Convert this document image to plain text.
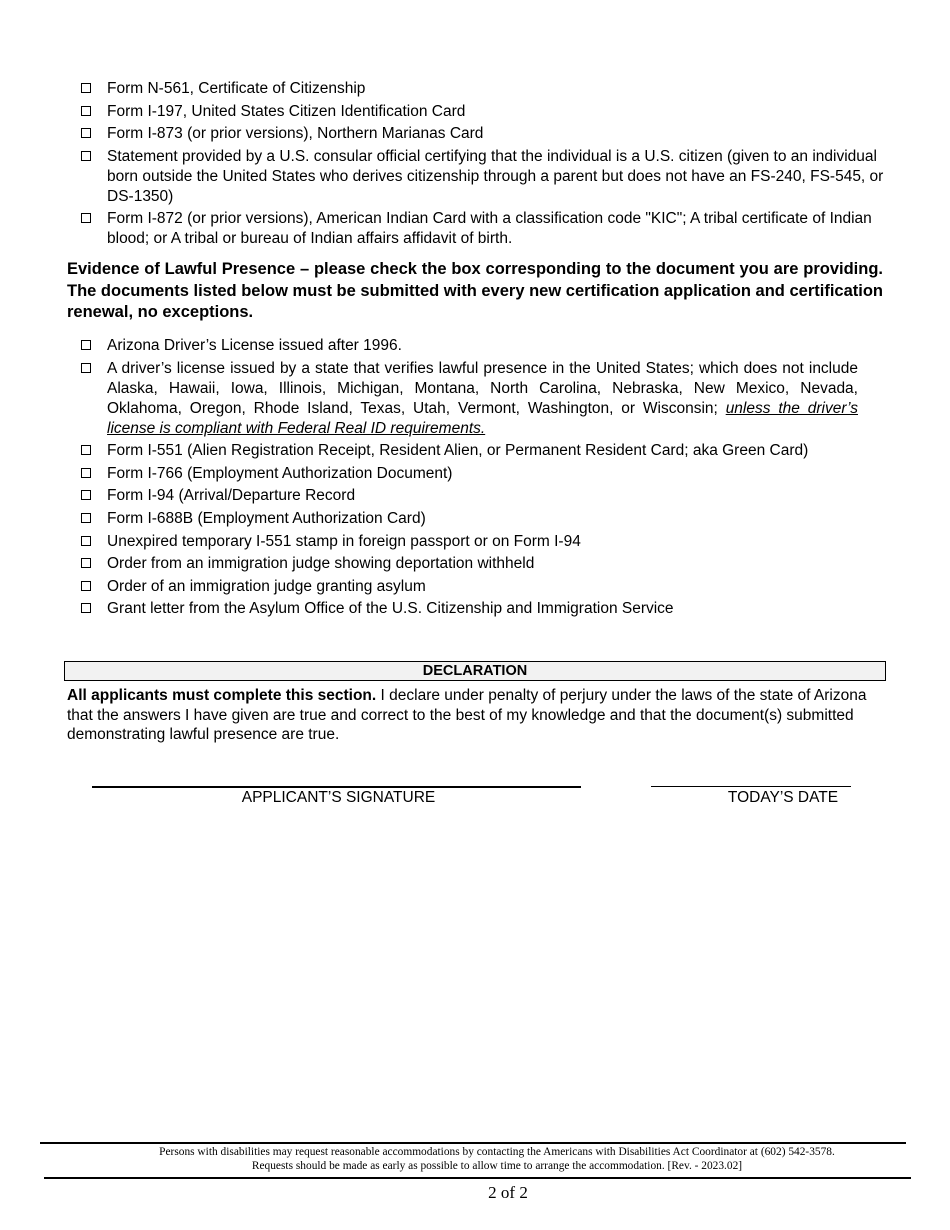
Form N-561, Certificate of Citizenship
Form I-197, United States Citizen Identification Card
Form I-873 (or prior versions), Northern Marianas Card
Statement provided by a U.S. consular official certifying that the individual is a U.S. citizen (given to an individual born outside the United States who derives citizenship through a parent but does not have an FS-240, FS-545, or DS-1350)
Form I-872 (or prior versions), American Indian Card with a classification code "KIC"; A tribal certificate of Indian blood; or A tribal or bureau of Indian affairs affidavit of birth.

Evidence of Lawful Presence – please check the box corresponding to the document you are providing. The documents listed below must be submitted with every new certification application and certification renewal, no exceptions.

Arizona Driver’s License issued after 1996.
A driver’s license issued by a state that verifies lawful presence in the United States; which does not include Alaska, Hawaii, Iowa, Illinois, Michigan, Montana, North Carolina, Nebraska, New Mexico, Nevada, Oklahoma, Oregon, Rhode Island, Texas, Utah, Vermont, Washington, or Wisconsin; unless the driver’s license is compliant with Federal Real ID requirements.
Form I-551 (Alien Registration Receipt, Resident Alien, or Permanent Resident Card; aka Green Card)
Form I-766 (Employment Authorization Document)
Form I-94 (Arrival/Departure Record
Form I-688B (Employment Authorization Card)
Unexpired temporary I-551 stamp in foreign passport or on Form I-94
Order from an immigration judge showing deportation withheld
Order of an immigration judge granting asylum
Grant letter from the Asylum Office of the U.S. Citizenship and Immigration Service
DECLARATION

All applicants must complete this section. I declare under penalty of perjury under the laws of the state of Arizona that the answers I have given are true and correct to the best of my knowledge and that the document(s) submitted demonstrating lawful presence are true.

APPLICANT’S SIGNATURE	TODAY’S DATE

Persons with disabilities may request reasonable accommodations by contacting the Americans with Disabilities Act Coordinator at (602) 542-3578. Requests should be made as early as possible to allow time to arrange the accommodation. [Rev. - 2023.02]

2 of 2
